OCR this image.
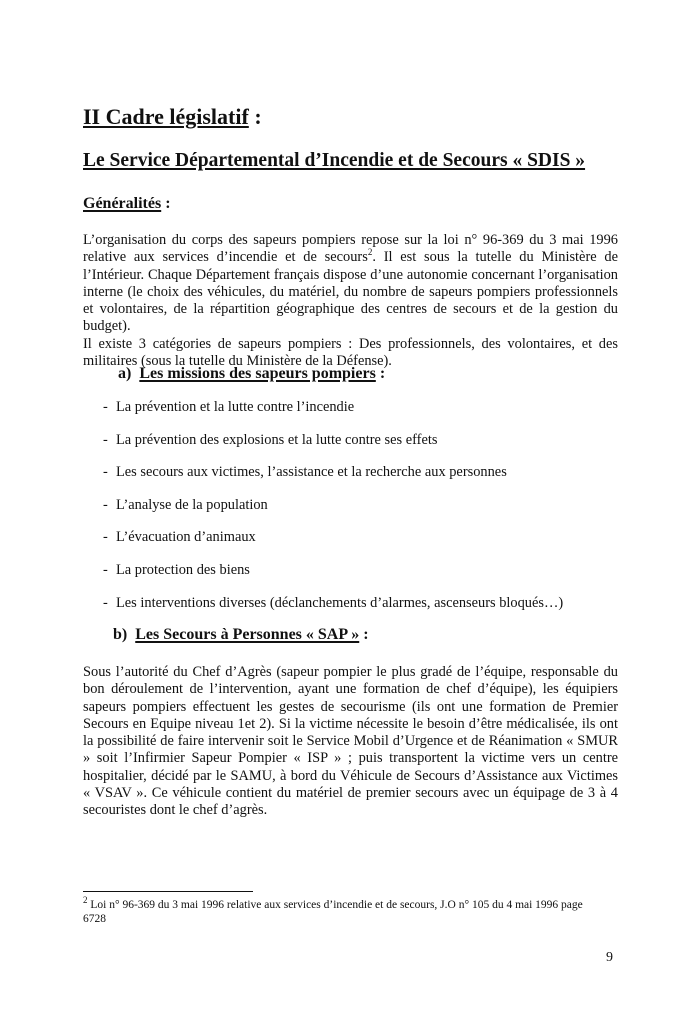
II Cadre législatif :
Le Service Départemental d’Incendie et de Secours « SDIS »
Généralités :
L’organisation du corps des sapeurs pompiers repose sur la loi n° 96-369 du 3 mai 1996 relative aux services d’incendie et de secours$^2$. Il est sous la tutelle du Ministère de l’Intérieur. Chaque Département français dispose d’une autonomie concernant l’organisation interne (le choix des véhicules, du matériel, du nombre de sapeurs pompiers professionnels et volontaires, de la répartition géographique des centres de secours et de la gestion du budget).
Il existe 3 catégories de sapeurs pompiers : Des professionnels, des volontaires, et des militaires (sous la tutelle du Ministère de la Défense).
a) Les missions des sapeurs pompiers :
- La prévention et la lutte contre l’incendie
- La prévention des explosions et la lutte contre ses effets
- Les secours aux victimes, l’assistance et la recherche aux personnes
- L’analyse de la population
- L’évacuation d’animaux
- La protection des biens
- Les interventions diverses (déclanchements d’alarmes, ascenseurs bloqués…)
b) Les Secours à Personnes « SAP » :
Sous l’autorité du Chef d’Agrès (sapeur pompier le plus gradé de l’équipe, responsable du bon déroulement de l’intervention, ayant une formation de chef d’équipe), les équipiers sapeurs pompiers effectuent les gestes de secourisme (ils ont une formation de Premier Secours en Equipe niveau 1et 2). Si la victime nécessite le besoin d’être médicalisée, ils ont la possibilité de faire intervenir soit le Service Mobil d’Urgence et de Réanimation « SMUR » soit l’Infirmier Sapeur Pompier « ISP » ; puis transportent la victime vers un centre hospitalier, décidé par le SAMU, à bord du Véhicule de Secours d’Assistance aux Victimes « VSAV ». Ce véhicule contient du matériel de premier secours avec un équipage de 3 à 4 secouristes dont le chef d’agrès.
$^2$ Loi n° 96-369 du 3 mai 1996 relative aux services d’incendie et de secours, J.O n° 105 du 4 mai 1996 page 6728
9
